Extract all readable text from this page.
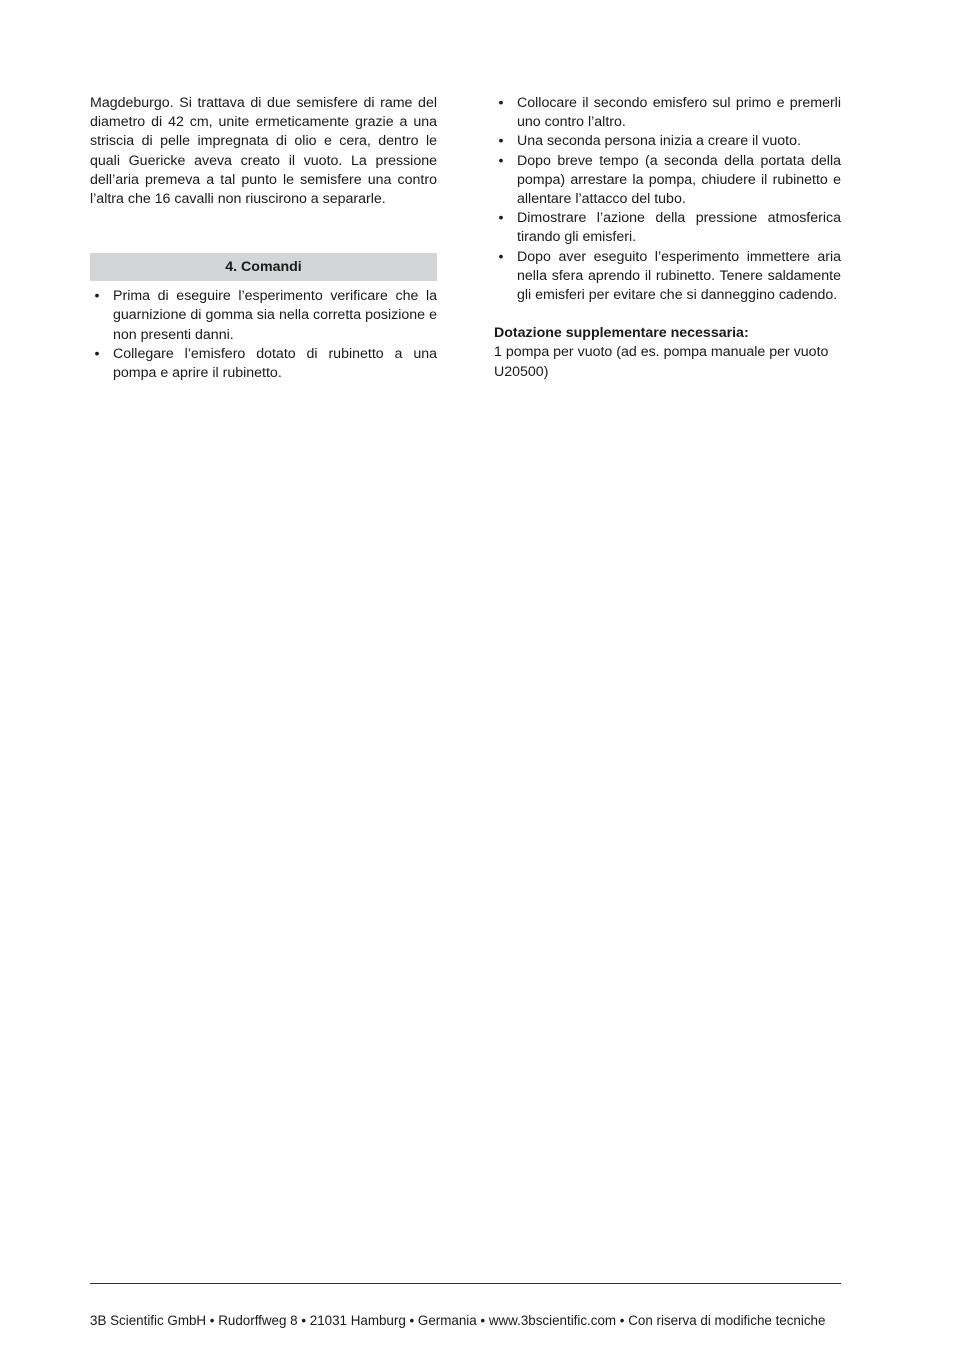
Magdeburgo. Si trattava di due semisfere di rame del diametro di 42 cm, unite ermeticamente grazie a una striscia di pelle impregnata di olio e cera, dentro le quali Guericke aveva creato il vuoto. La pressione dell’aria premeva a tal punto le semisfere una contro l’altra che 16 cavalli non riuscirono a separarle.

4. Comandi
• Prima di eseguire l’esperimento verificare che la guarnizione di gomma sia nella corretta posizione e non presenti danni.
• Collegare l’emisfero dotato di rubinetto a una pompa e aprire il rubinetto.
• Collocare il secondo emisfero sul primo e premerli uno contro l’altro.
• Una seconda persona inizia a creare il vuoto.
• Dopo breve tempo (a seconda della portata della pompa) arrestare la pompa, chiudere il rubinetto e allentare l’attacco del tubo.
• Dimostrare l’azione della pressione atmosferica tirando gli emisferi.
• Dopo aver eseguito l’esperimento immettere aria nella sfera aprendo il rubinetto. Tenere saldamente gli emisferi per evitare che si danneggino cadendo.

Dotazione supplementare necessaria:

1 pompa per vuoto (ad es. pompa manuale per vuoto U20500)

3B Scientific GmbH • Rudorffweg 8 • 21031 Hamburg • Germania • www.3bscientific.com • Con riserva di modifiche tecniche
